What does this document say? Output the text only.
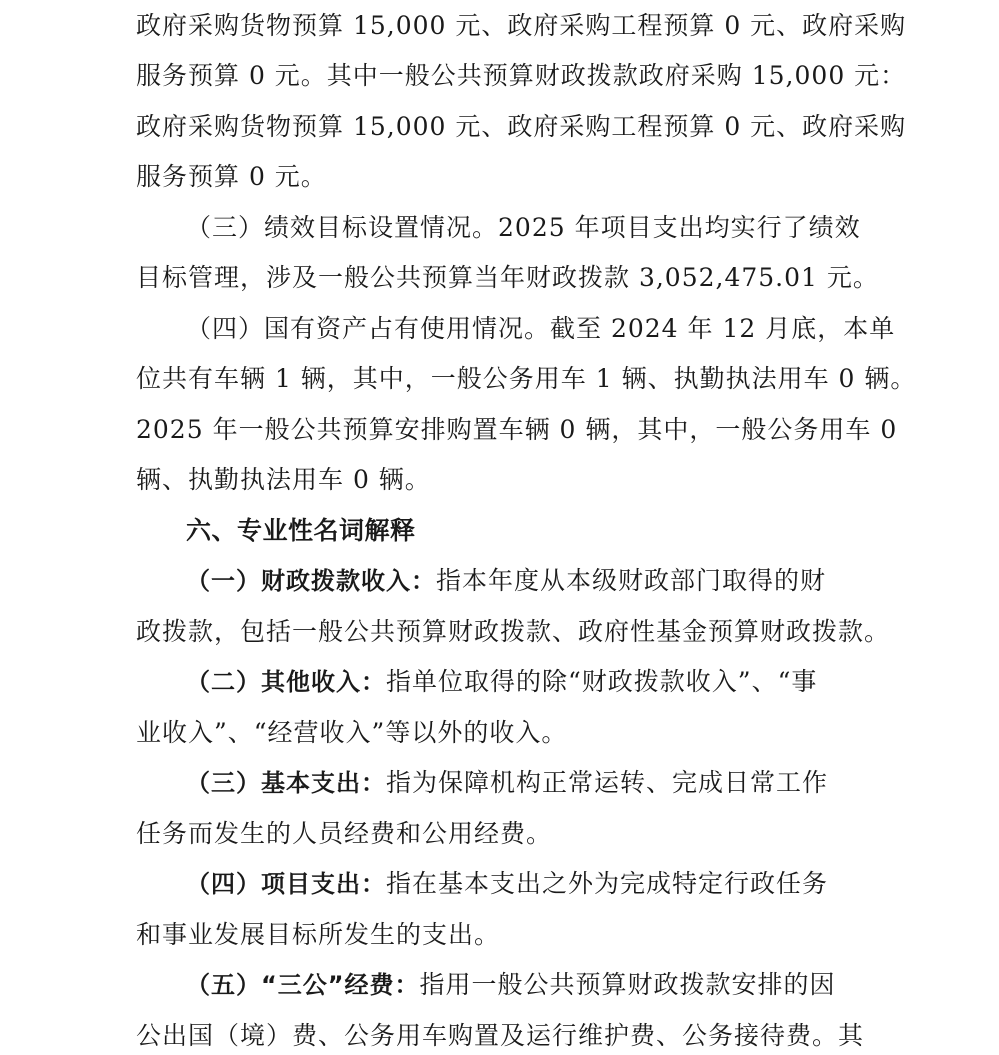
政府采购货物预算 15,000 元、政府采购工程预算 0 元、政府采购
服务预算 0 元。其中一般公共预算财政拨款政府采购 15,000 元：
政府采购货物预算 15,000 元、政府采购工程预算 0 元、政府采购
服务预算 0 元。
（三）绩效目标设置情况。2025 年项目支出均实行了绩效
目标管理，涉及一般公共预算当年财政拨款 3,052,475.01 元。
（四）国有资产占有使用情况。截至 2024 年 12 月底，本单
位共有车辆 1 辆，其中，一般公务用车 1 辆、执勤执法用车 0 辆。
2025 年一般公共预算安排购置车辆 0 辆，其中，一般公务用车 0
辆、执勤执法用车 0 辆。
六、专业性名词解释
（一）财政拨款收入：指本年度从本级财政部门取得的财
政拨款，包括一般公共预算财政拨款、政府性基金预算财政拨款。
（二）其他收入：指单位取得的除“财政拨款收入”、“事
业收入”、“经营收入”等以外的收入。
（三）基本支出：指为保障机构正常运转、完成日常工作
任务而发生的人员经费和公用经费。
（四）项目支出：指在基本支出之外为完成特定行政任务
和事业发展目标所发生的支出。
（五）“三公”经费：指用一般公共预算财政拨款安排的因
公出国（境）费、公务用车购置及运行维护费、公务接待费。其
